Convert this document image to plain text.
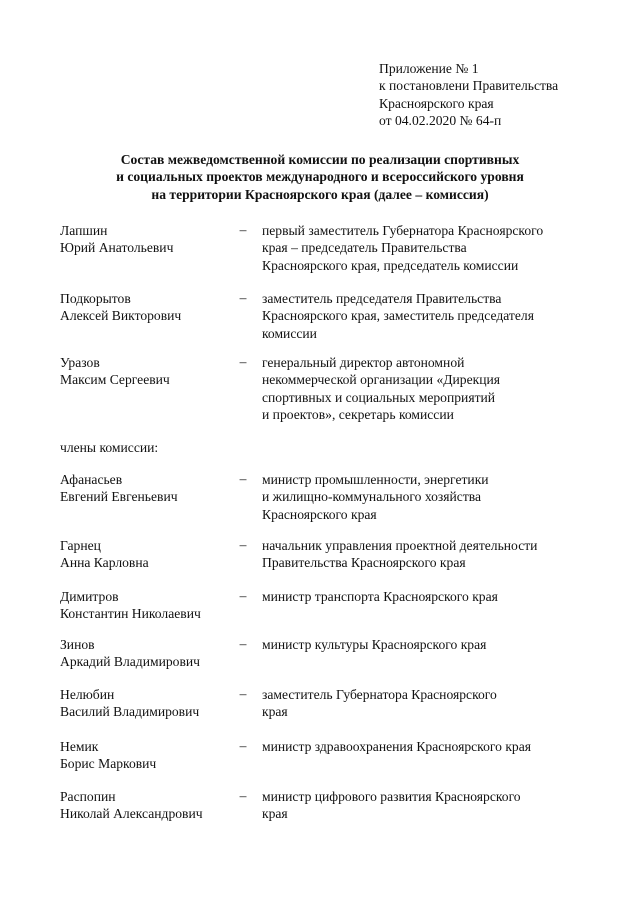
Приложение № 1
к постановлени Правительства
Красноярского края
от 04.02.2020 № 64-п
Состав межведомственной комиссии по реализации спортивных
и социальных проектов международного и всероссийского уровня
на территории Красноярского края (далее – комиссия)
Лапшин
Юрий Анатольевич
– первый заместитель Губернатора Красноярского
края – председатель Правительства
Красноярского края, председатель комиссии
Подкорытов
Алексей Викторович
– заместитель председателя Правительства
Красноярского края, заместитель председателя
комиссии
Уразов
Максим Сергеевич
– генеральный директор автономной
некоммерческой организации «Дирекция
спортивных и социальных мероприятий
и проектов», секретарь комиссии
члены комиссии:
Афанасьев
Евгений Евгеньевич
– министр промышленности, энергетики
и жилищно-коммунального хозяйства
Красноярского края
Гарнец
Анна Карловна
– начальник управления проектной деятельности
Правительства Красноярского края
Димитров
Константин Николаевич
– министр транспорта Красноярского края
Зинов
Аркадий Владимирович
– министр культуры Красноярского края
Нелюбин
Василий Владимирович
– заместитель Губернатора Красноярского
края
Немик
Борис Маркович
– министр здравоохранения Красноярского края
Распопин
Николай Александрович
– министр цифрового развития Красноярского
края
